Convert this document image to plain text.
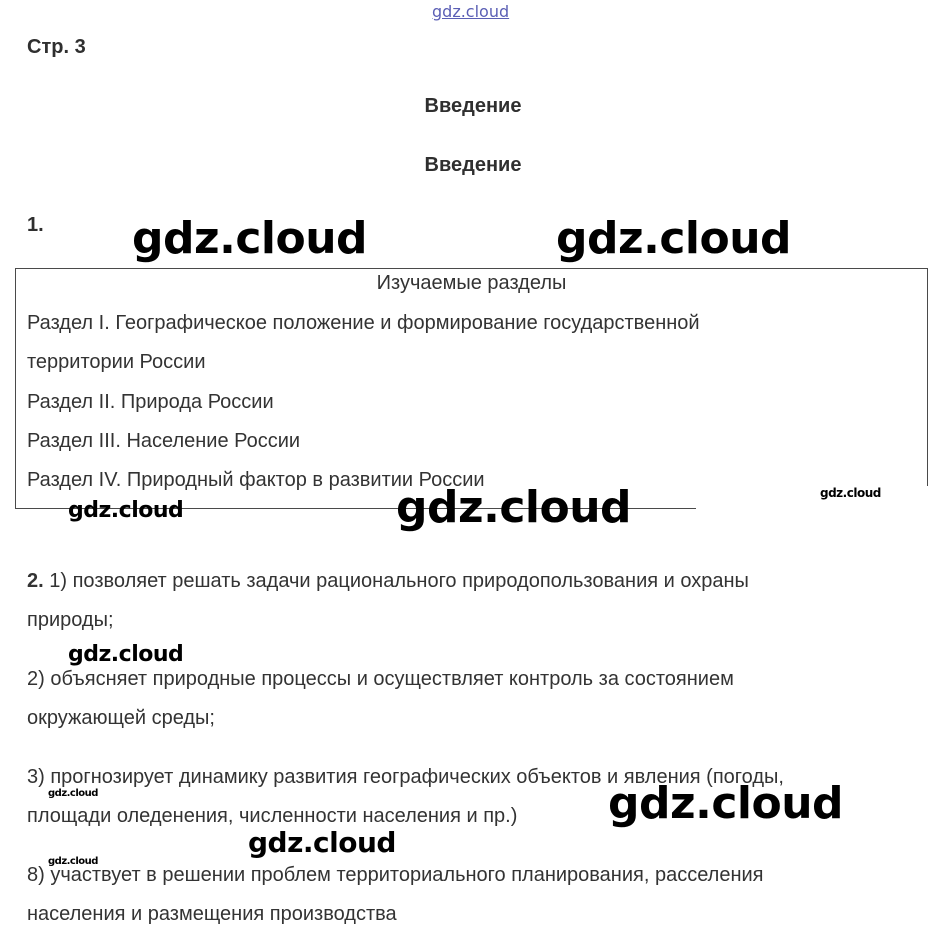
gdz.cloud
Стр. 3
Введение
Введение
1.
Изучаемые разделы
Раздел I. Географическое положение и формирование государственной
территории России
Раздел II. Природа России
Раздел III. Население России
Раздел IV. Природный фактор в развитии России
2. 1) позволяет решать задачи рационального природопользования и охраны
природы;
2) объясняет природные процессы и осуществляет контроль за состоянием
окружающей среды;
3) прогнозирует динамику развития географических объектов и явления (погоды,
площади оледенения, численности населения и пр.)
8) участвует в решении проблем территориального планирования, расселения
населения и размещения производства
gdz.cloud	gdz.cloud
gdz.cloud
gdz.cloud
gdz.cloud
gdz.cloud
gdz.cloud
gdz.cloud
gdz.cloud
gdz.cloud
